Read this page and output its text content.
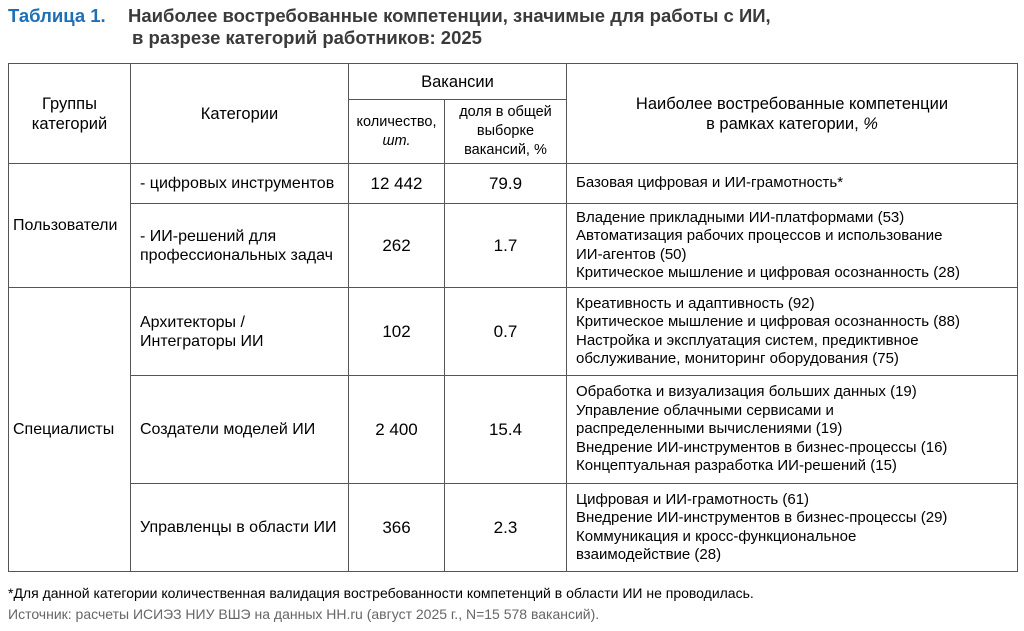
Таблица 1. Наиболее востребованные компетенции, значимые для работы с ИИ,
в разрезе категорий работников: 2025
Группы категорий	Категории	Вакансии		Наиболее востребованные компетенции
в рамках категории, %

		количество,
шт.	доля в общей выборке вакансий, %	
Пользователи	- цифровых инструментов	12 442	79.9	Базовая цифровая и ИИ-грамотность*

	- ИИ-решений для профессиональных задач	262	1.7	Владение прикладными ИИ-платформами (53)
Автоматизация рабочих процессов и использование
ИИ-агентов (50)
Критическое мышление и цифровая осознанность (28)

Специалисты	Архитекторы / Интеграторы ИИ	102	0.7	Креативность и адаптивность (92)
Критическое мышление и цифровая осознанность (88)
Настройка и эксплуатация систем, предиктивное
обслуживание, мониторинг оборудования (75)

	Создатели моделей ИИ	2 400	15.4	Обработка и визуализация больших данных (19)
Управление облачными сервисами и
распределенными вычислениями (19)
Внедрение ИИ-инструментов в бизнес-процессы (16)
Концептуальная разработка ИИ-решений (15)

	Управленцы в области ИИ	366	2.3	Цифровая и ИИ-грамотность (61)
Внедрение ИИ-инструментов в бизнес-процессы (29)
Коммуникация и кросс-функциональное
взаимодействие (28)
*Для данной категории количественная валидация востребованности компетенций в области ИИ не проводилась.
Источник: расчеты ИСИЭЗ НИУ ВШЭ на данных HH.ru (август 2025 г., N=15 578 вакансий).
